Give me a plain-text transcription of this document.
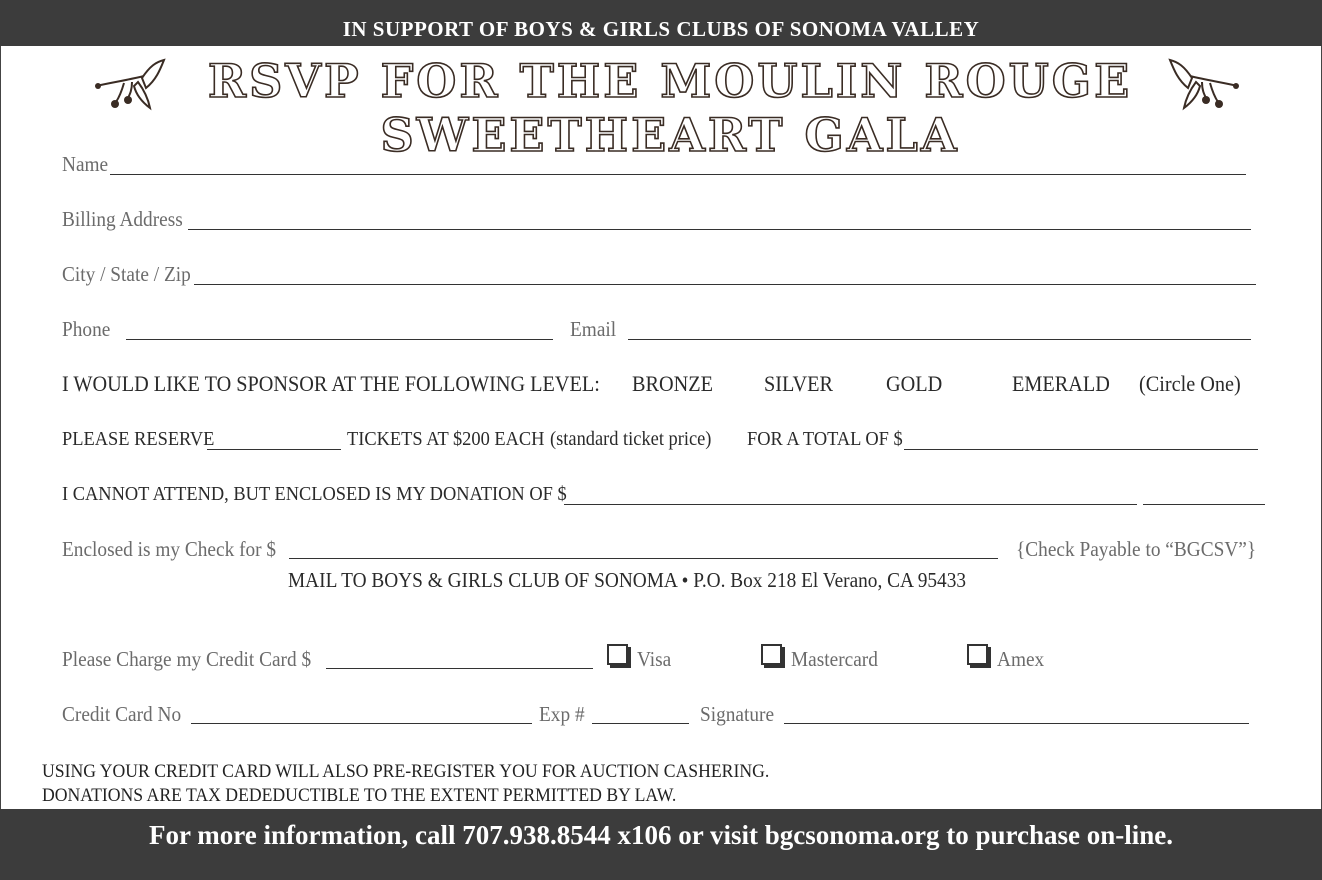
IN SUPPORT OF BOYS & GIRLS CLUBS OF SONOMA VALLEY
RSVP FOR THE MOULIN ROUGE SWEETHEART GALA
Name
Billing Address
City / State / Zip
Phone	Email
I WOULD LIKE TO SPONSOR AT THE FOLLOWING LEVEL: BRONZE SILVER GOLD	EMERALD (Circle One)
PLEASE RESERVE	TICKETS AT $200 EACH (standard ticket price) FOR A TOTAL OF $
I CANNOT ATTEND, BUT ENCLOSED IS MY DONATION OF $
Enclosed is my Check for $	{Check Payable to “BGCSV”}
MAIL TO BOYS & GIRLS CLUB OF SONOMA • P.O. Box 218 El Verano, CA 95433
Please Charge my Credit Card $	Visa	Mastercard	Amex
Credit Card No	Exp #	Signature
USING YOUR CREDIT CARD WILL ALSO PRE-REGISTER YOU FOR AUCTION CASHERING.
DONATIONS ARE TAX DEDEDUCTIBLE TO THE EXTENT PERMITTED BY LAW.
For more information, call 707.938.8544 x106 or visit bgcsonoma.org to purchase on-line.
